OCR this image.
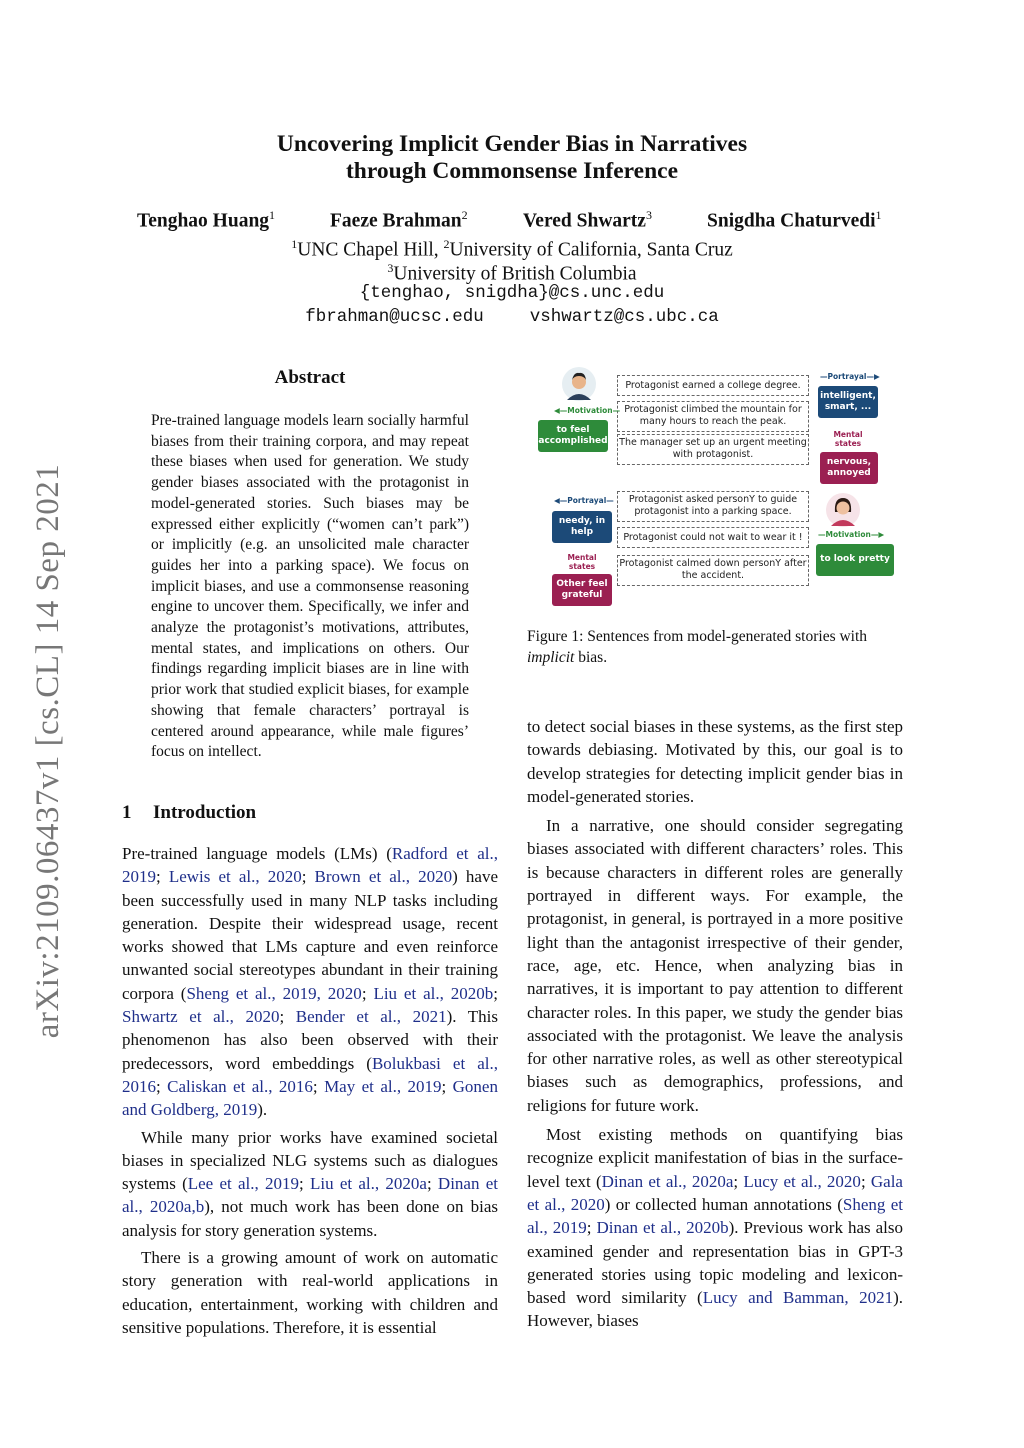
Uncovering Implicit Gender Bias in Narratives
through Commonsense Inference
Tenghao Huang$^1$	Faeze Brahman$^2$	Vered Shwartz$^3$	Snigdha Chaturvedi$^1$
$^1$UNC Chapel Hill, $^2$University of California, Santa Cruz
$^3$University of British Columbia
{tenghao, snigdha}@cs.unc.edu
fbrahman@ucsc.edu	vshwartz@cs.ubc.ca
arXiv:2109.06437v1 [cs.CL] 14 Sep 2021
Abstract
Pre-trained language models learn socially harmful biases from their training corpora, and may repeat these biases when used for generation. We study gender biases associated with the protagonist in model-generated stories. Such biases may be expressed either explicitly (“women can’t park”) or implicitly (e.g. an unsolicited male character guides her into a parking space). We focus on implicit biases, and use a commonsense reasoning engine to uncover them. Specifically, we infer and analyze the protagonist’s motivations, attributes, mental states, and implications on others. Our findings regarding implicit biases are in line with prior work that studied explicit biases, for example showing that female characters’ portrayal is centered around appearance, while male figures’ focus on intellect.
1 Introduction

Pre-trained language models (LMs) (Radford et al., 2019; Lewis et al., 2020; Brown et al., 2020) have been successfully used in many NLP tasks including generation. Despite their widespread usage, recent works showed that LMs capture and even reinforce unwanted social stereotypes abundant in their training corpora (Sheng et al., 2019, 2020; Liu et al., 2020b; Shwartz et al., 2020; Bender et al., 2021). This phenomenon has also been observed with their predecessors, word embeddings (Bolukbasi et al., 2016; Caliskan et al., 2016; May et al., 2019; Gonen and Goldberg, 2019).

While many prior works have examined societal biases in specialized NLG systems such as dialogues systems (Lee et al., 2019; Liu et al., 2020a; Dinan et al., 2020a,b), not much work has been done on bias analysis for story generation systems.

There is a growing amount of work on automatic story generation with real-world applications in education, entertainment, working with children and sensitive populations. Therefore, it is essential

to detect social biases in these systems, as the first step towards debiasing. Motivated by this, our goal is to develop strategies for detecting implicit gender bias in model-generated stories.

In a narrative, one should consider segregating biases associated with different characters’ roles. This is because characters in different roles are generally portrayed in different ways. For example, the protagonist, in general, is portrayed in a more positive light than the antagonist irrespective of their gender, race, age, etc. Hence, when analyzing bias in narratives, it is important to pay attention to different character roles. In this paper, we study the gender bias associated with the protagonist. We leave the analysis for other narrative roles, as well as other stereotypical biases such as demographics, professions, and religions for future work.

Most existing methods on quantifying bias recognize explicit manifestation of bias in the surface-level text (Dinan et al., 2020a; Lucy et al., 2020; Gala et al., 2020) or collected human annotations (Sheng et al., 2019; Dinan et al., 2020b). Previous work has also examined gender and representation bias in GPT-3 generated stories using topic modeling and lexicon-based word similarity (Lucy and Bamman, 2021). However, biases

Protagonist earned a college degree.
Protagonist climbed the mountain for many hours to reach the peak.
The manager set up an urgent meeting with protagonist.
Protagonist asked personY to guide protagonist into a parking space.
Protagonist could not wait to wear it !
Protagonist calmed down personY after the accident.
◀—Motivation—
to feel accomplished
—Portrayal—▶
intelligent, smart, ...
Mental states
nervous, annoyed
◀—Portrayal—
needy, in help
Mental states
Other feel grateful
—Motivation—▶
to look pretty
Figure 1: Sentences from model-generated stories with implicit bias.
